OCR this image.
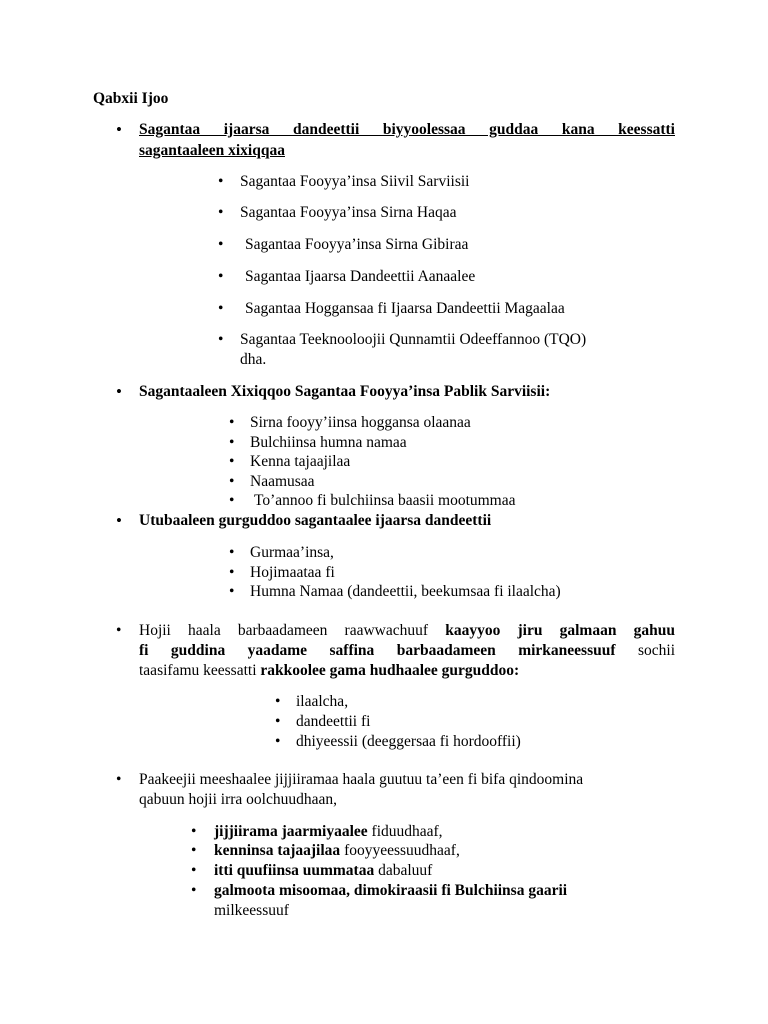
Qabxii Ijoo
• Sagantaa ijaarsa dandeettii biyyoolessaa guddaa kana keessatti
sagantaaleen xixiqqaa
• Sagantaa Fooyya’insa Siivil Sarviisii
• Sagantaa Fooyya’insa Sirna Haqaa
• Sagantaa Fooyya’insa Sirna Gibiraa
• Sagantaa Ijaarsa Dandeettii Aanaalee
• Sagantaa Hoggansaa fi Ijaarsa Dandeettii Magaalaa
• Sagantaa Teeknooloojii Qunnamtii Odeeffannoo (TQO)
dha.
• Sagantaaleen Xixiqqoo Sagantaa Fooyya’insa Pablik Sarviisii:
• Sirna fooyy’iinsa hoggansa olaanaa
• Bulchiinsa humna namaa
• Kenna tajaajilaa
• Naamusaa
• To’annoo fi bulchiinsa baasii mootummaa
• Utubaaleen gurguddoo sagantaalee ijaarsa dandeettii
• Gurmaa’insa,
• Hojimaataa fi
• Humna Namaa (dandeettii, beekumsaa fi ilaalcha)
• Hojii haala barbaadameen raawwachuuf kaayyoo jiru galmaan gahuu
fi guddina yaadame saffina barbaadameen mirkaneessuuf sochii
taasifamu keessatti rakkoolee gama hudhaalee gurguddoo:
• ilaalcha,
• dandeettii fi
• dhiyeessii (deeggersaa fi hordooffii)
• Paakeejii meeshaalee jijjiiramaa haala guutuu ta’een fi bifa qindoomina
qabuun hojii irra oolchuudhaan,
• jijjiirama jaarmiyaalee fiduudhaaf,
• kenninsa tajaajilaa fooyyeessuudhaaf,
• itti quufiinsa uummataa dabaluuf
• galmoota misoomaa, dimokiraasii fi Bulchiinsa gaarii
milkeessuuf
